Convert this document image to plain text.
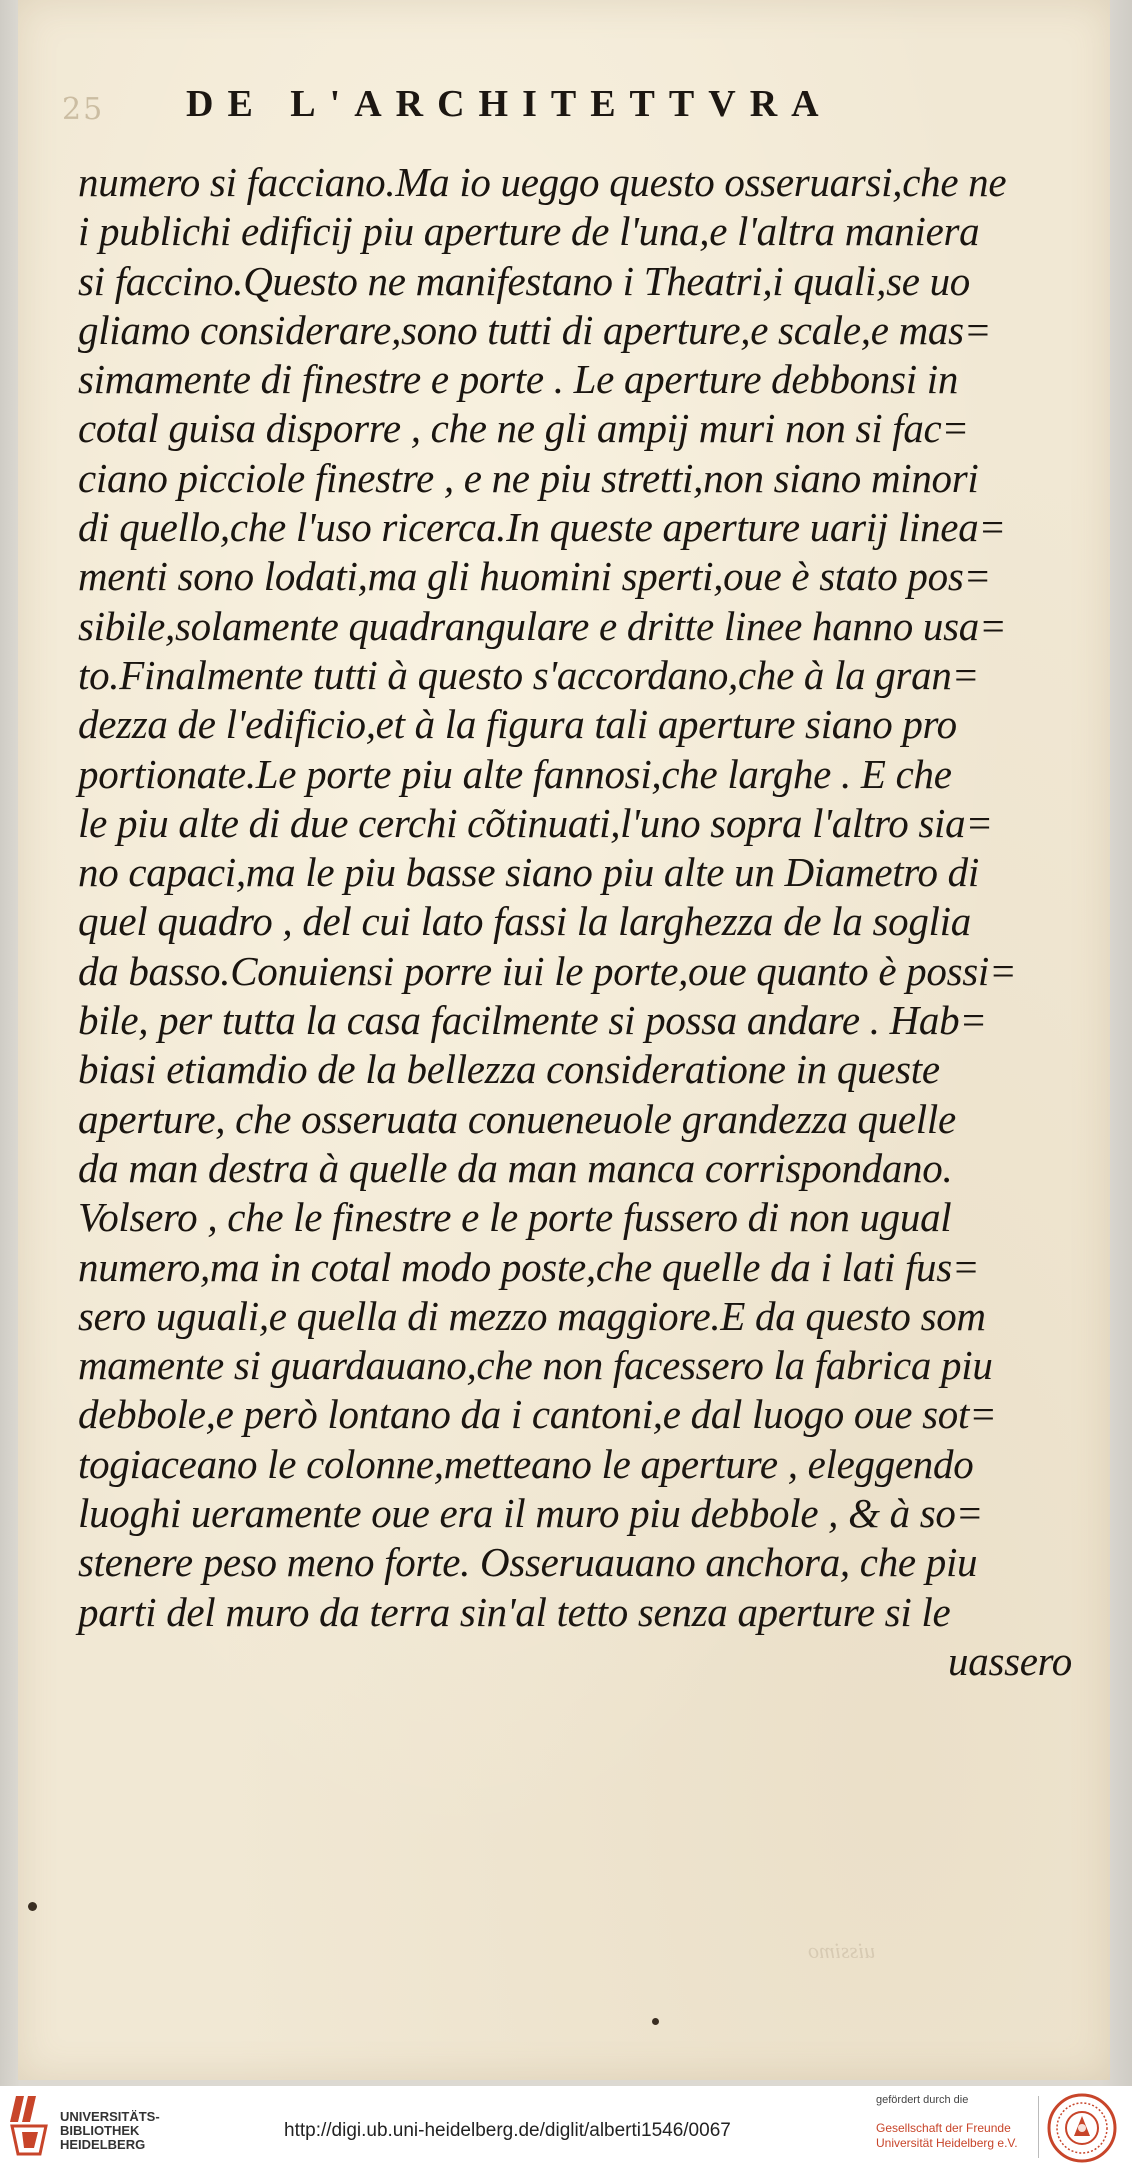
25 DE L'ARCHITETTVRA
numero si facciano.Ma io ueggo questo osseruarsi,che ne
i publichi edificij piu aperture de l'una,e l'altra maniera
si faccino.Questo ne manifestano i Theatri,i quali,se uo
gliamo considerare,sono tutti di aperture,e scale,e mas=
simamente di finestre e porte . Le aperture debbonsi in
cotal guisa disporre , che ne gli ampij muri non si fac=
ciano picciole finestre , e ne piu stretti,non siano minori
di quello,che l'uso ricerca.In queste aperture uarij linea=
menti sono lodati,ma gli huomini sperti,oue è stato pos=
sibile,solamente quadrangulare e dritte linee hanno usa=
to.Finalmente tutti à questo s'accordano,che à la gran=
dezza de l'edificio,et à la figura tali aperture siano pro
portionate.Le porte piu alte fannosi,che larghe . E che
le piu alte di due cerchi cõtinuati,l'uno sopra l'altro sia=
no capaci,ma le piu basse siano piu alte un Diametro di
quel quadro , del cui lato fassi la larghezza de la soglia
da basso.Conuiensi porre iui le porte,oue quanto è possi=
bile, per tutta la casa facilmente si possa andare . Hab=
biasi etiamdio de la bellezza consideratione in queste
aperture, che osseruata conueneuole grandezza quelle
da man destra à quelle da man manca corrispondano.
Volsero , che le finestre e le porte fussero di non ugual
numero,ma in cotal modo poste,che quelle da i lati fus=
sero uguali,e quella di mezzo maggiore.E da questo som
mamente si guardauano,che non facessero la fabrica piu
debbole,e però lontano da i cantoni,e dal luogo oue sot=
togiaceano le colonne,metteano le aperture , eleggendo
luoghi ueramente oue era il muro piu debbole , & à so=
stenere peso meno forte. Osseruauano anchora, che piu
parti del muro da terra sin'al tetto senza aperture si le
uassero
uissimo
UNIVERSITÄTS-
BIBLIOTHEK
HEIDELBERG
http://digi.ub.uni-heidelberg.de/diglit/alberti1546/0067
gefördert durch die
Gesellschaft der Freunde
Universität Heidelberg e.V.
